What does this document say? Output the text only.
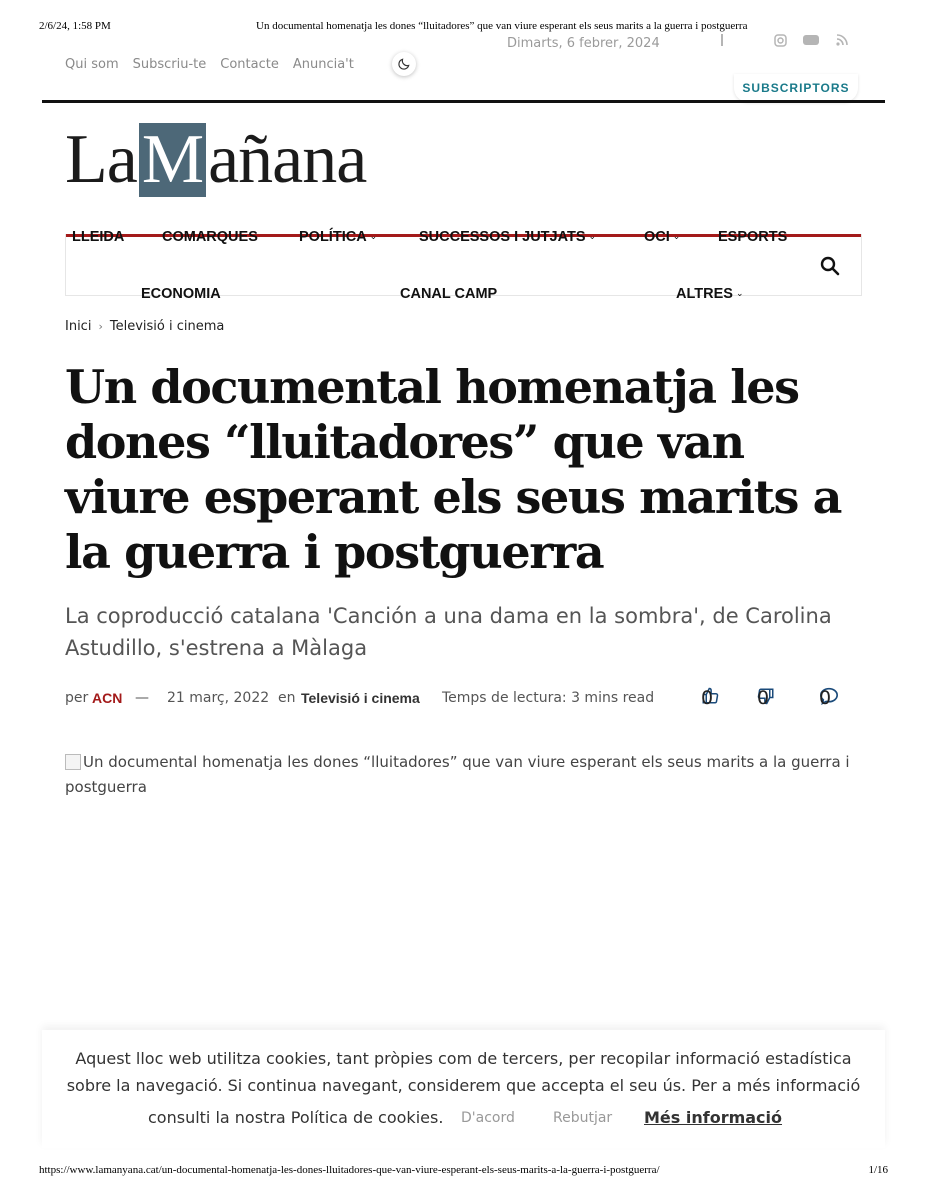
2/6/24, 1:58 PM	Un documental homenatja les dones “lluitadores” que van viure esperant els seus marits a la guerra i postguerra
Qui som Subscriu-te Contacte Anuncia't
Dimarts, 6 febrer, 2024
SUBSCRIPTORS
La M añana
LLEIDA	COMARQUES	POLÍTICA ⌄	SUCCESSOS I JUTJATS ⌄	OCI ⌄	ESPORTS
ECONOMIA	CANAL CAMP	ALTRES ⌄
Inici › Televisió i cinema
Un documental homenatja les dones “lluitadores” que van viure esperant els seus marits a la guerra i postguerra

La coproducció catalana 'Canción a una dama en la sombra', de Carolina Astudillo, s'estrena a Màlaga

per ACN — 21 març, 2022 en Televisió i cinema Temps de lectura: 3 mins read 0 0	0
Un documental homenatja les dones “lluitadores” que van viure esperant els seus marits a la guerra i postguerra

Aquest lloc web utilitza cookies, tant pròpies com de tercers, per recopilar informació estadística sobre la navegació. Si continua navegant, considerem que accepta el seu ús. Per a més informació

consulti la nostra Política de cookies. D'acord	Rebutjar Més informació
https://www.lamanyana.cat/un-documental-homenatja-les-dones-lluitadores-que-van-viure-esperant-els-seus-marits-a-la-guerra-i-postguerra/	1/16
